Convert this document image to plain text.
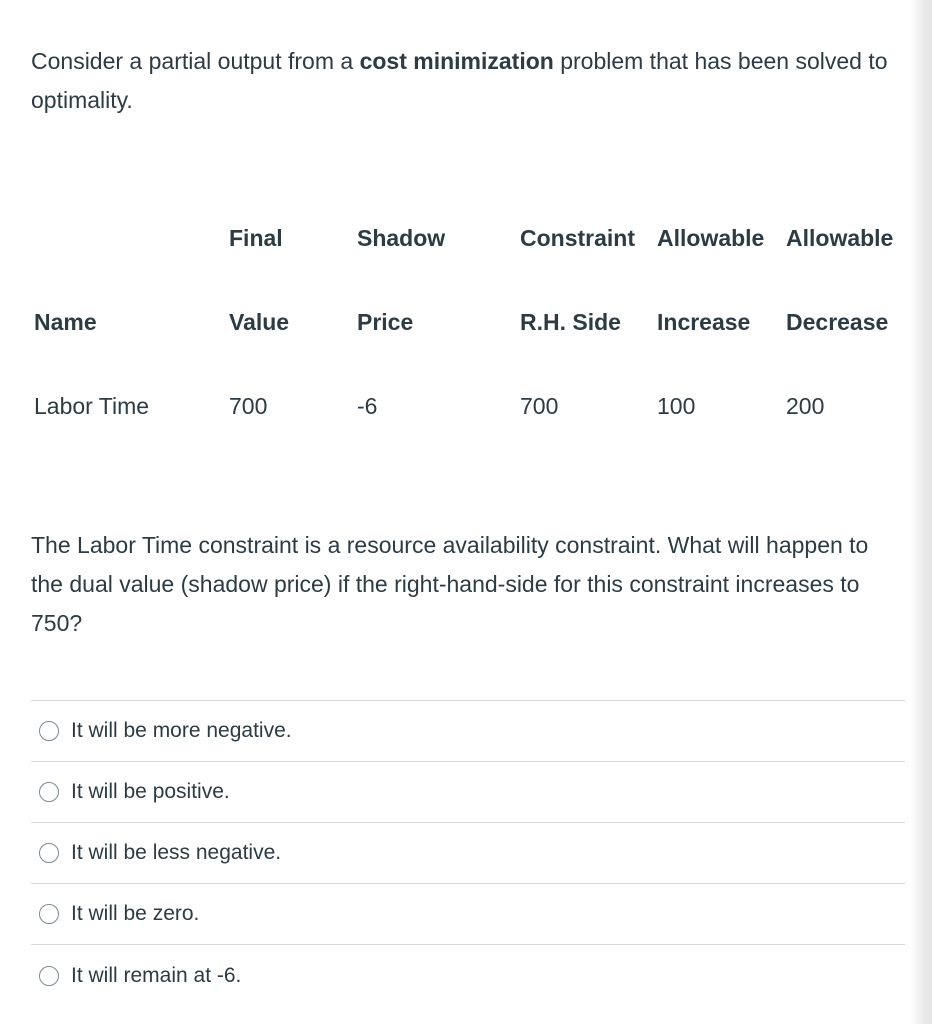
Consider a partial output from a cost minimization problem that has been solved to optimality.
	Final	Shadow	Constraint	Allowable	Allowable
Name	Value	Price	R.H. Side	Increase	Decrease
Labor Time	700	-6	700	100	200
The Labor Time constraint is a resource availability constraint. What will happen to the dual value (shadow price) if the right-hand-side for this constraint increases to 750?
It will be more negative.
It will be positive.
It will be less negative.
It will be zero.
It will remain at -6.
